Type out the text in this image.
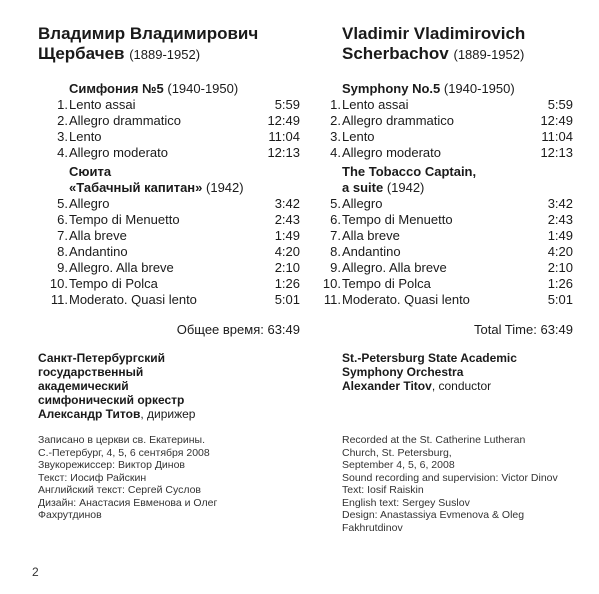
Владимир Владимирович
Щербачев (1889-1952)
Симфония №5 (1940-1950)
1. Lento assai	5:59
2. Allegro drammatico	12:49
3. Lento	11:04
4. Allegro moderato	12:13
Сюита
«Табачный капитан» (1942)
5. Allegro	3:42
6. Tempo di Menuetto	2:43
7. Alla breve	1:49
8. Andantino	4:20
9. Allegro. Alla breve	2:10
10. Tempo di Polca	1:26
11. Moderato. Quasi lento	5:01
Общее время: 63:49
Санкт-Петербургский
государственный
академический
симфонический оркестр
Александр Титов, дирижер
Записано в церкви св. Екатерины.
С.-Петербург, 4, 5, 6 сентября 2008
Звукорежиссер: Виктор Динов
Текст: Иосиф Райскин
Английский текст: Сергей Суслов
Дизайн: Анастасия Евменова и Олег
Фахрутдинов
Vladimir Vladimirovich
Scherbachov (1889-1952)
Symphony No.5 (1940-1950)
1. Lento assai	5:59
2. Allegro drammatico	12:49
3. Lento	11:04
4. Allegro moderato	12:13
The Tobacco Captain,
a suite (1942)
5. Allegro	3:42
6. Tempo di Menuetto	2:43
7. Alla breve	1:49
8. Andantino	4:20
9. Allegro. Alla breve	2:10
10. Tempo di Polca	1:26
11. Moderato. Quasi lento	5:01
Total Time: 63:49
St.-Petersburg State Academic
Symphony Orchestra
Alexander Titov, conductor
Recorded at the St. Catherine Lutheran
Church, St. Petersburg,
September 4, 5, 6, 2008
Sound recording and supervision: Victor Dinov
Text: Iosif Raiskin
English text: Sergey Suslov
Design: Anastassiya Evmenova & Oleg
Fakhrutdinov
2
